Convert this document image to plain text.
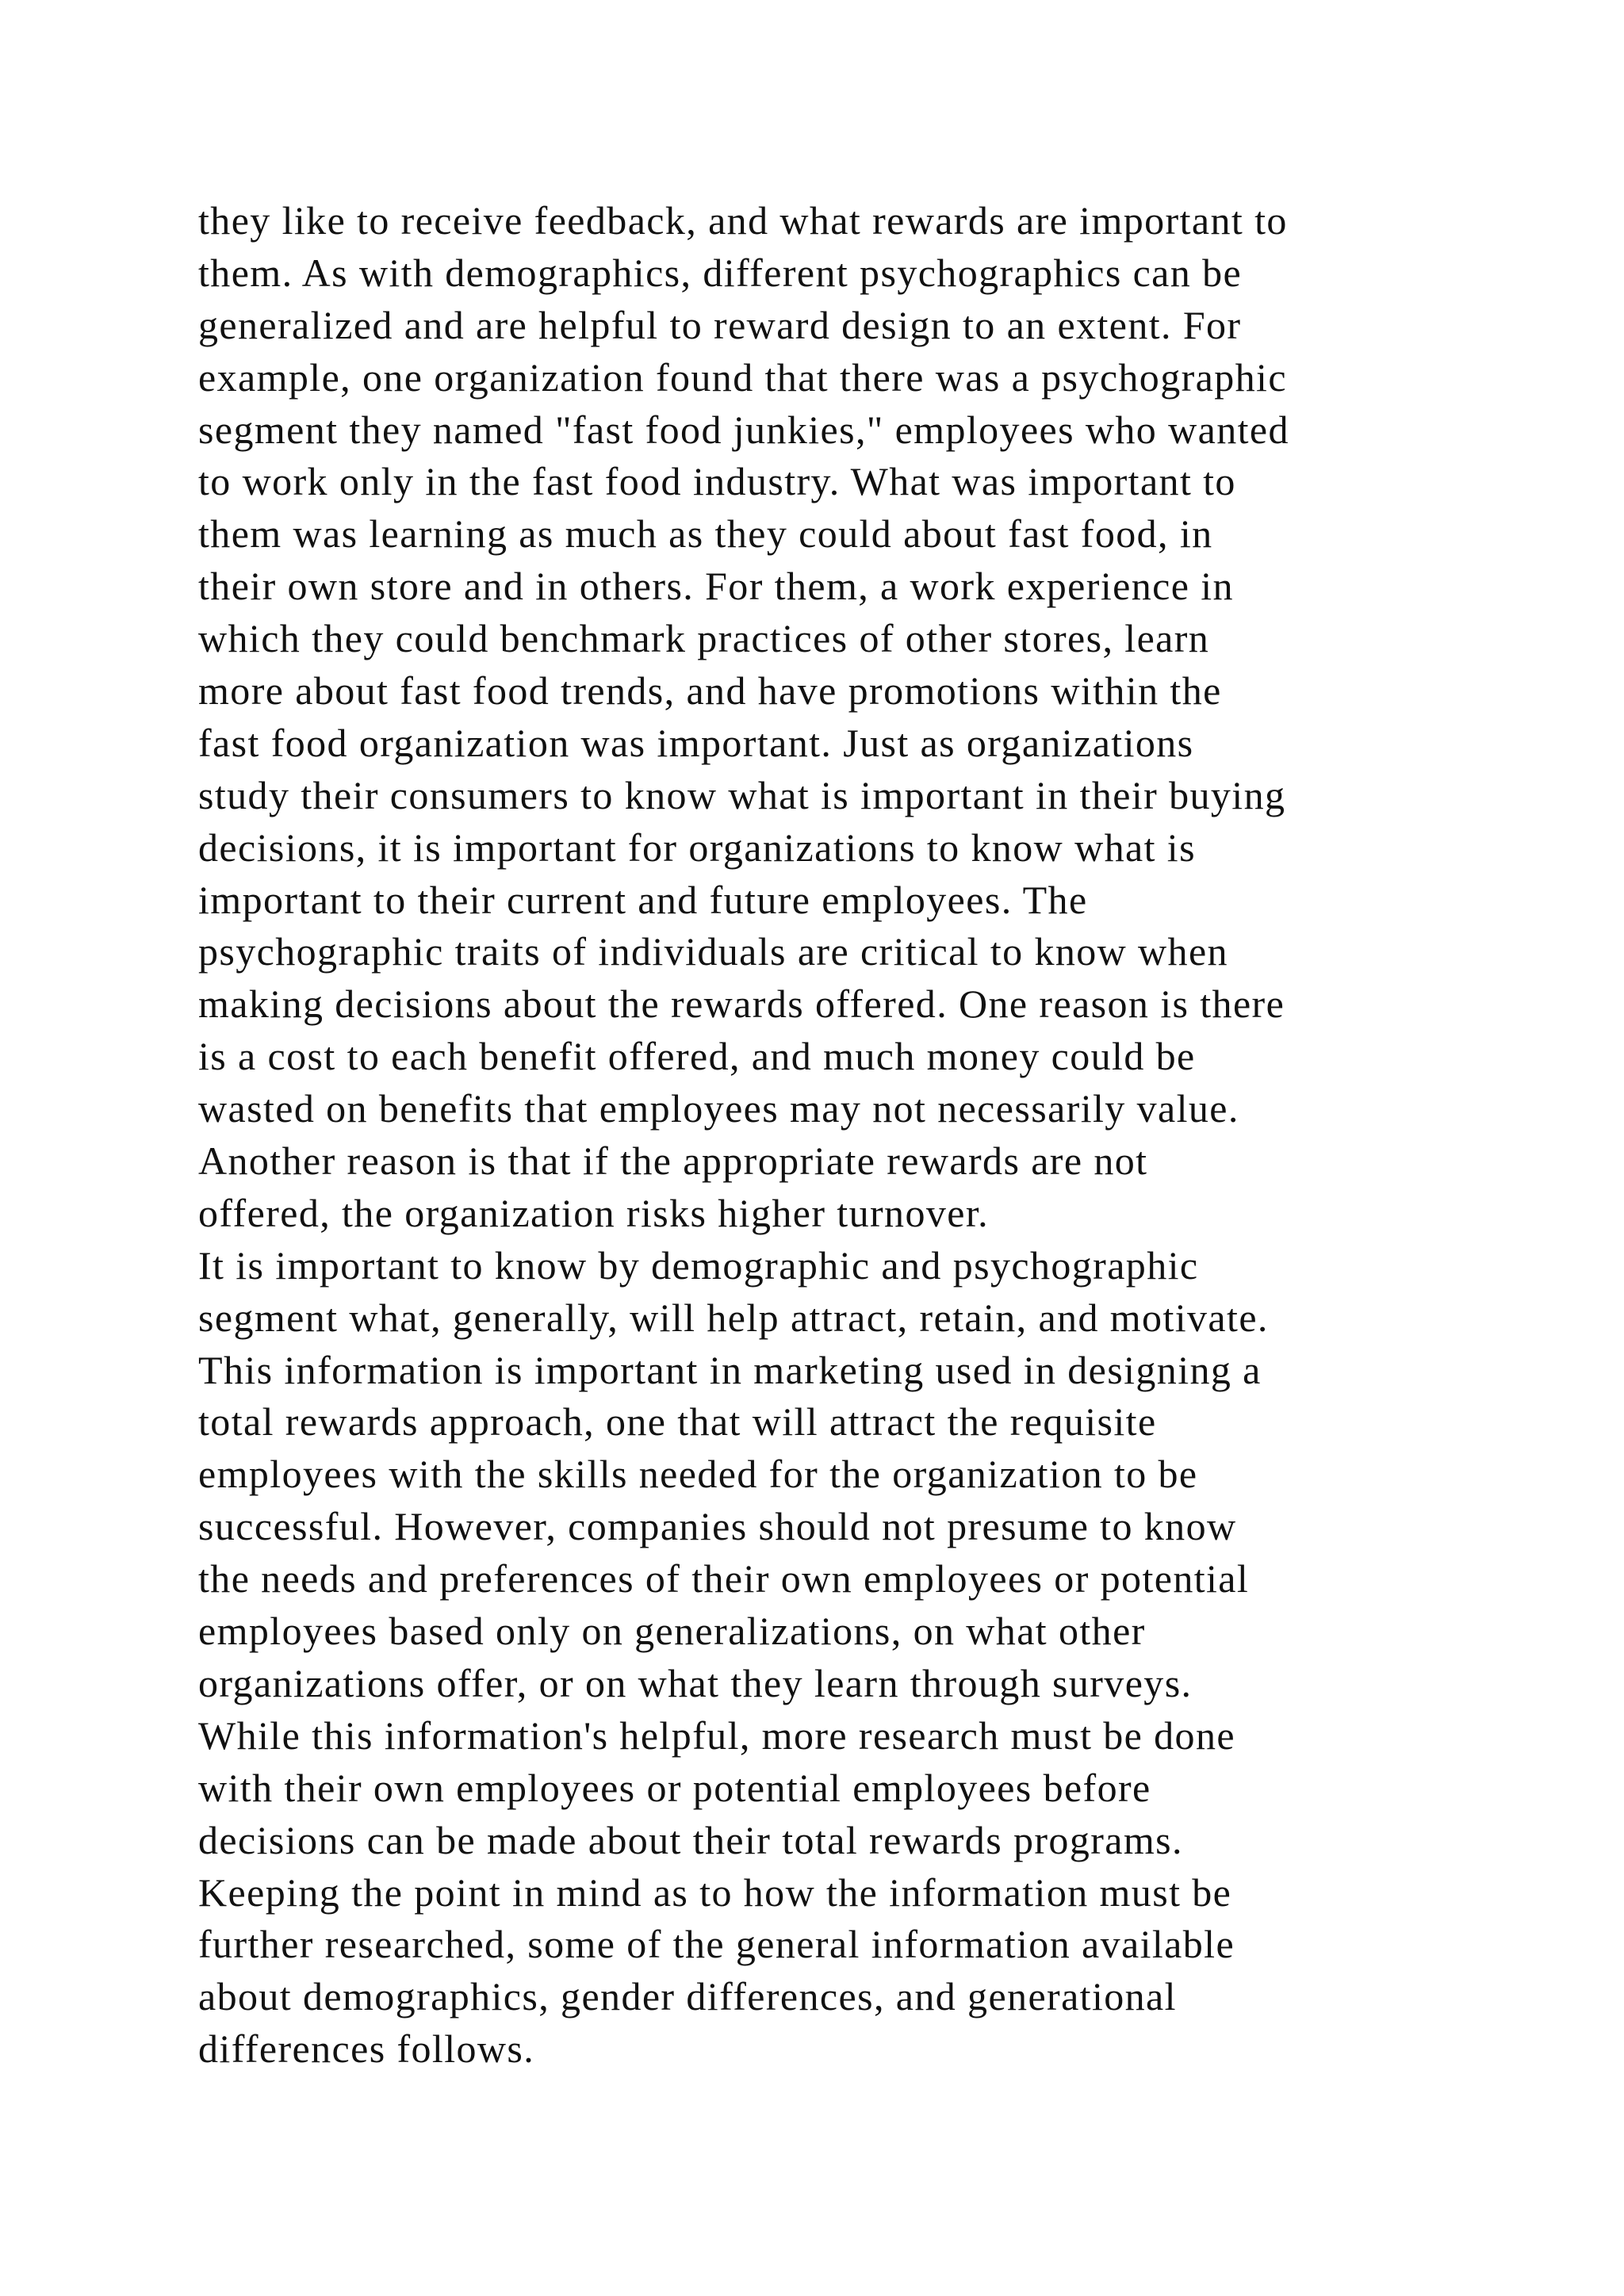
they like to receive feedback, and what rewards are important to
them. As with demographics, different psychographics can be
generalized and are helpful to reward design to an extent. For
example, one organization found that there was a psychographic
segment they named "fast food junkies," employees who wanted
to work only in the fast food industry. What was important to
them was learning as much as they could about fast food, in
their own store and in others. For them, a work experience in
which they could benchmark practices of other stores, learn
more about fast food trends, and have promotions within the
fast food organization was important. Just as organizations
study their consumers to know what is important in their buying
decisions, it is important for organizations to know what is
important to their current and future employees. The
psychographic traits of individuals are critical to know when
making decisions about the rewards offered. One reason is there
is a cost to each benefit offered, and much money could be
wasted on benefits that employees may not necessarily value.
Another reason is that if the appropriate rewards are not
offered, the organization risks higher turnover.
It is important to know by demographic and psychographic
segment what, generally, will help attract, retain, and motivate.
This information is important in marketing used in designing a
total rewards approach, one that will attract the requisite
employees with the skills needed for the organization to be
successful. However, companies should not presume to know
the needs and preferences of their own employees or potential
employees based only on generalizations, on what other
organizations offer, or on what they learn through surveys.
While this information's helpful, more research must be done
with their own employees or potential employees before
decisions can be made about their total rewards programs.
Keeping the point in mind as to how the information must be
further researched, some of the general information available
about demographics, gender differences, and generational
differences follows.
